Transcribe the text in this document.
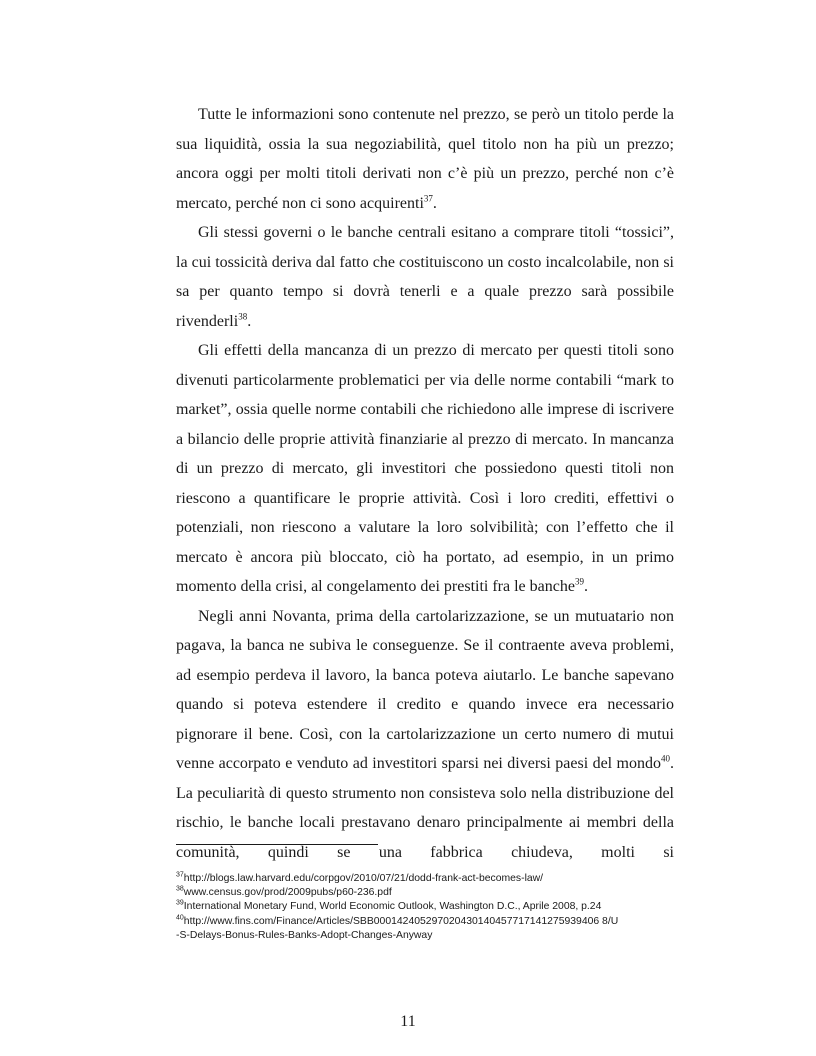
Tutte le informazioni sono contenute nel prezzo, se però un titolo perde la sua liquidità, ossia la sua negoziabilità, quel titolo non ha più un prezzo; ancora oggi per molti titoli derivati non c’è più un prezzo, perché non c’è mercato, perché non ci sono acquirenti$^{37}$.

Gli stessi governi o le banche centrali esitano a comprare titoli “tossici”, la cui tossicità deriva dal fatto che costituiscono un costo incalcolabile, non si sa per quanto tempo si dovrà tenerli e a quale prezzo sarà possibile rivenderli$^{38}$.

Gli effetti della mancanza di un prezzo di mercato per questi titoli sono divenuti particolarmente problematici per via delle norme contabili “mark to market”, ossia quelle norme contabili che richiedono alle imprese di iscrivere a bilancio delle proprie attività finanziarie al prezzo di mercato. In mancanza di un prezzo di mercato, gli investitori che possiedono questi titoli non riescono a quantificare le proprie attività. Così i loro crediti, effettivi o potenziali, non riescono a valutare la loro solvibilità; con l’effetto che il mercato è ancora più bloccato, ciò ha portato, ad esempio, in un primo momento della crisi, al congelamento dei prestiti fra le banche$^{39}$.

Negli anni Novanta, prima della cartolarizzazione, se un mutuatario non pagava, la banca ne subiva le conseguenze. Se il contraente aveva problemi, ad esempio perdeva il lavoro, la banca poteva aiutarlo. Le banche sapevano quando si poteva estendere il credito e quando invece era necessario pignorare il bene. Così, con la cartolarizzazione un certo numero di mutui venne accorpato e venduto ad investitori sparsi nei diversi paesi del mondo$^{40}$. La peculiarità di questo strumento non consisteva solo nella distribuzione del rischio, le banche locali prestavano denaro principalmente ai membri della comunità, quindi se una fabbrica chiudeva, molti si

$^{37}$http://blogs.law.harvard.edu/corpgov/2010/07/21/dodd-frank-act-becomes-law/
$^{38}$www.census.gov/prod/2009pubs/p60-236.pdf
$^{39}$International Monetary Fund, World Economic Outlook, Washington D.C., Aprile 2008, p.24
$^{40}$http://www.fins.com/Finance/Articles/SBB000142405297020430140457717141275939406 8/U
-S-Delays-Bonus-Rules-Banks-Adopt-Changes-Anyway
11
